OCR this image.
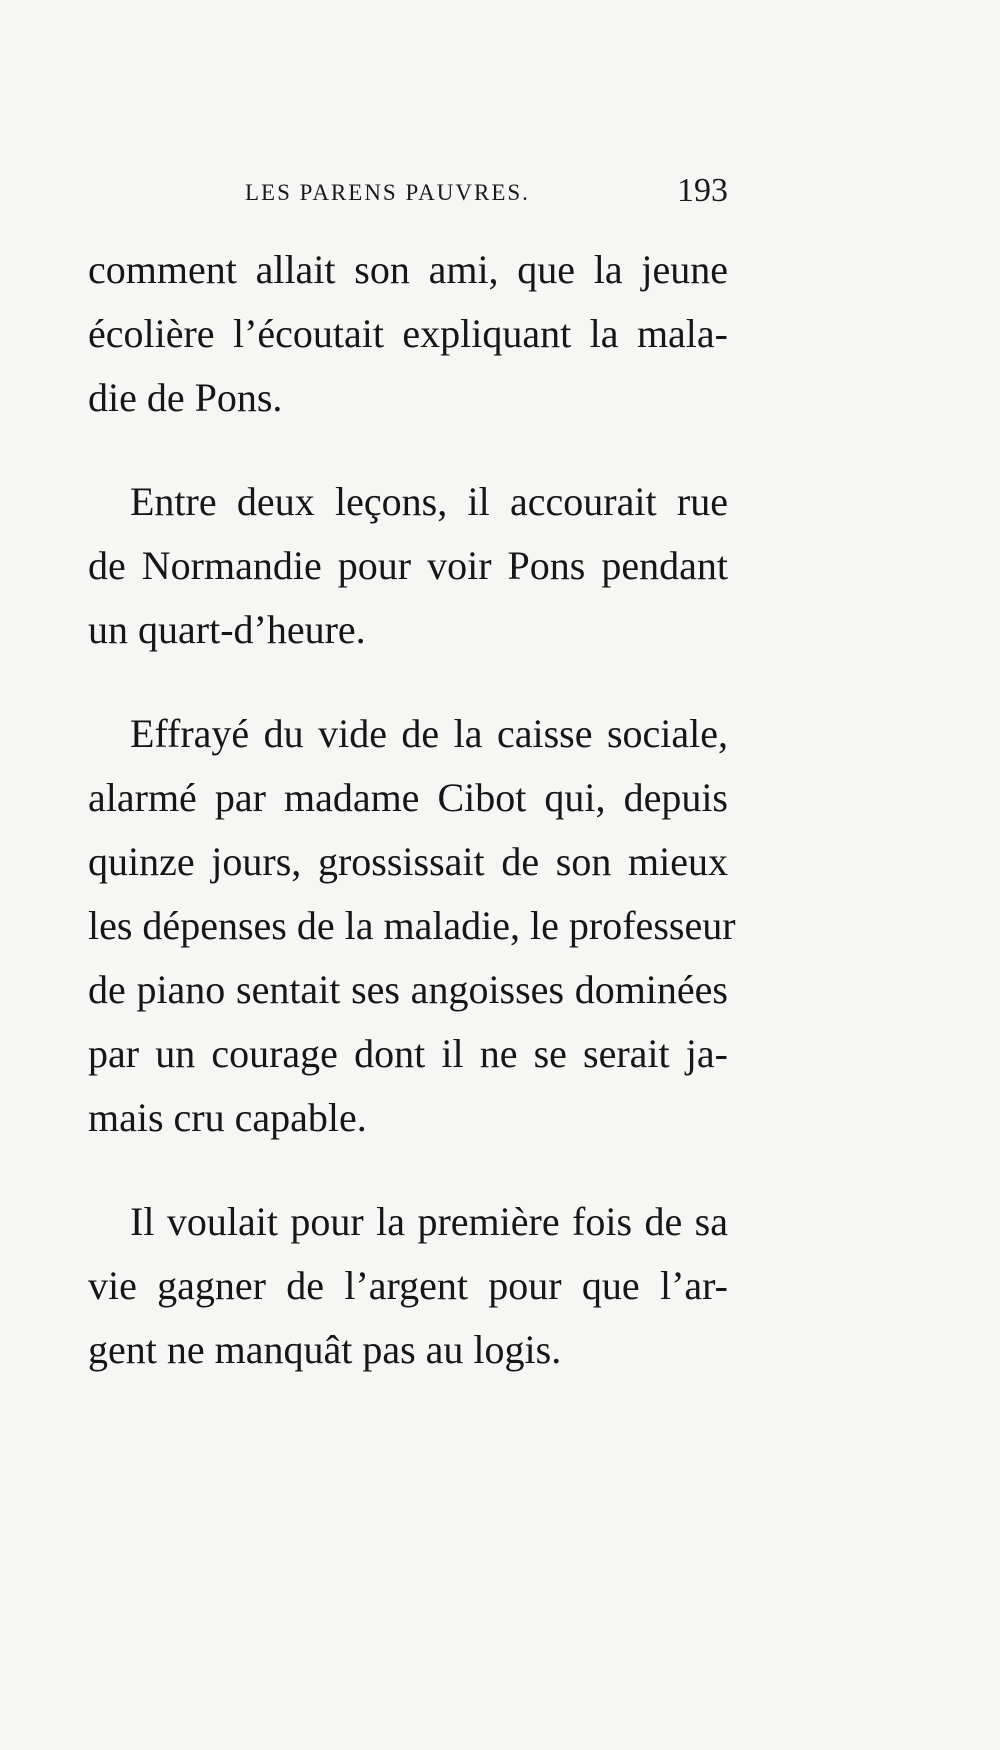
LES PARENS PAUVRES.	193

comment allait son ami, que la jeune
écolière l’écoutait expliquant la mala-
die de Pons.

Entre deux leçons, il accourait rue
de Normandie pour voir Pons pendant
un quart-d’heure.

Effrayé du vide de la caisse sociale,
alarmé par madame Cibot qui, depuis
quinze jours, grossissait de son mieux
les dépenses de la maladie, le professeur
de piano sentait ses angoisses dominées
par un courage dont il ne se serait ja-
mais cru capable.

Il voulait pour la première fois de sa
vie gagner de l’argent pour que l’ar-
gent ne manquât pas au logis.
